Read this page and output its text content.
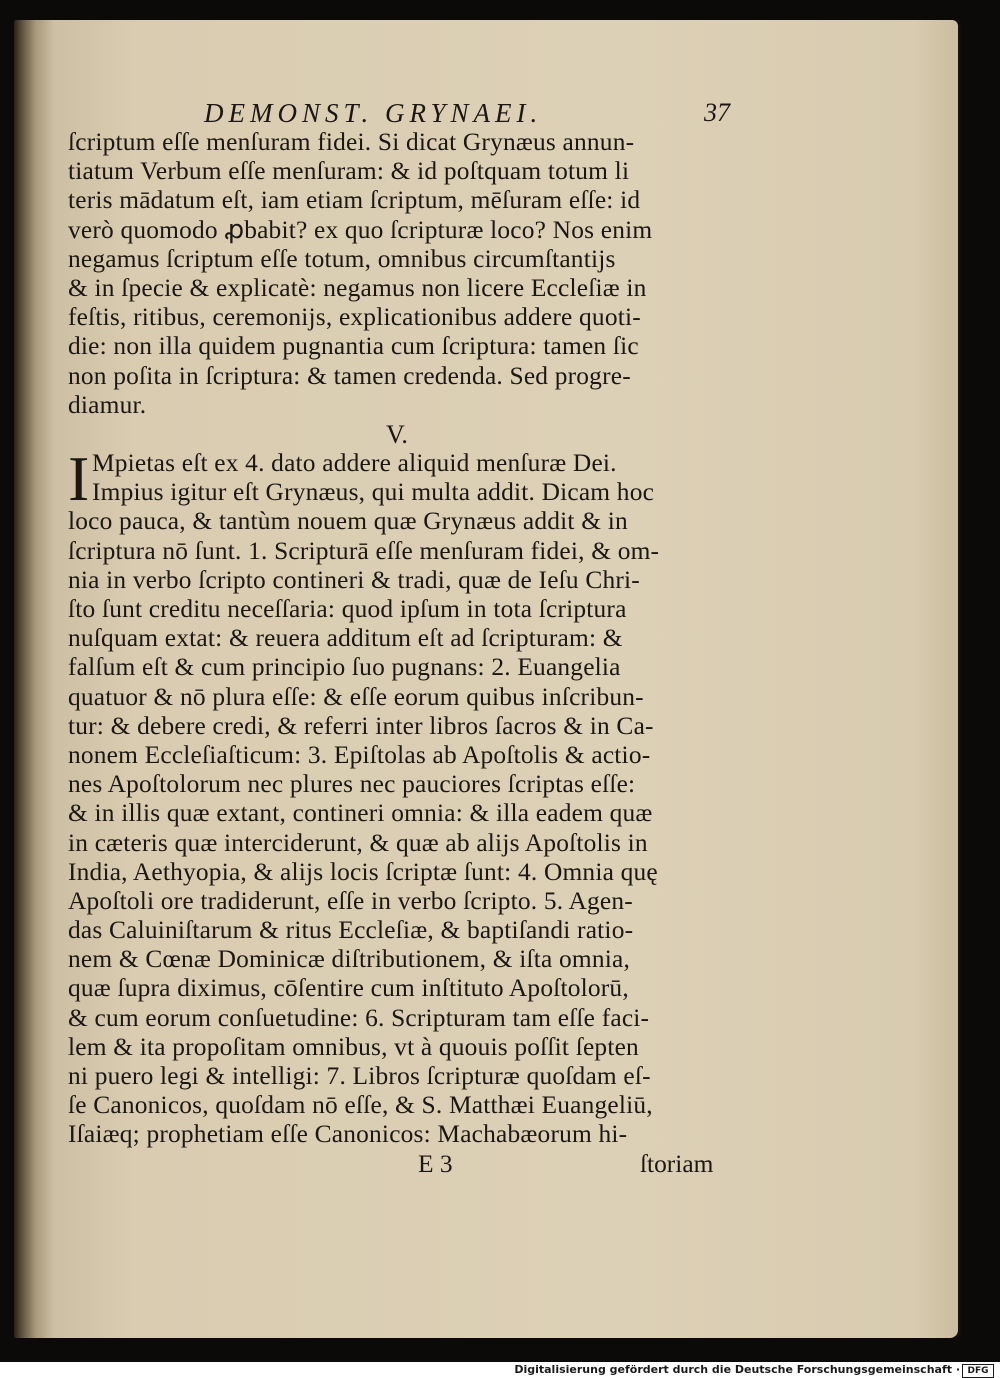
DEMONST. GRYNAEI.	37
ſcriptum eſſe menſuram fidei. Si dicat Grynæus annun-
tiatum Verbum eſſe menſuram: & id poſtquam totum li
teris mādatum eſt, iam etiam ſcriptum, mēſuram eſſe: id
verò quomodo ꝓbabit? ex quo ſcripturæ loco? Nos enim
negamus ſcriptum eſſe totum, omnibus circumſtantijs
& in ſpecie & explicatè: negamus non licere Eccleſiæ in
feſtis, ritibus, ceremonijs, explicationibus addere quoti-
die: non illa quidem pugnantia cum ſcriptura: tamen ſic
non poſita in ſcriptura: & tamen credenda. Sed progre-
diamur.
V.
I Mpietas eſt ex 4. dato addere aliquid menſuræ Dei.
Impius igitur eſt Grynæus, qui multa addit. Dicam hoc
loco pauca, & tantùm nouem quæ Grynæus addit & in
ſcriptura nō ſunt. 1. Scripturā eſſe menſuram fidei, & om-
nia in verbo ſcripto contineri & tradi, quæ de Ieſu Chri-
ſto ſunt creditu neceſſaria: quod ipſum in tota ſcriptura
nuſquam extat: & reuera additum eſt ad ſcripturam: &
falſum eſt & cum principio ſuo pugnans: 2. Euangelia
quatuor & nō plura eſſe: & eſſe eorum quibus inſcribun-
tur: & debere credi, & referri inter libros ſacros & in Ca-
nonem Eccleſiaſticum: 3. Epiſtolas ab Apoſtolis & actio-
nes Apoſtolorum nec plures nec pauciores ſcriptas eſſe:
& in illis quæ extant, contineri omnia: & illa eadem quæ
in cæteris quæ interciderunt, & quæ ab alijs Apoſtolis in
India, Aethyopia, & alijs locis ſcriptæ ſunt: 4. Omnia quę
Apoſtoli ore tradiderunt, eſſe in verbo ſcripto. 5. Agen-
das Caluiniſtarum & ritus Eccleſiæ, & baptiſandi ratio-
nem & Cœnæ Dominicæ diſtributionem, & iſta omnia,
quæ ſupra diximus, cōſentire cum inſtituto Apoſtolorū,
& cum eorum conſuetudine: 6. Scripturam tam eſſe faci-
lem & ita propoſitam omnibus, vt à quouis poſſit ſepten
ni puero legi & intelligi: 7. Libros ſcripturæ quoſdam eſ-
ſe Canonicos, quoſdam nō eſſe, & S. Matthæi Euangeliū,
Iſaiæq; prophetiam eſſe Canonicos: Machabæorum hi-
E 3	ſtoriam
Digitalisierung gefördert durch die Deutsche Forschungsgemeinschaft · DFG
